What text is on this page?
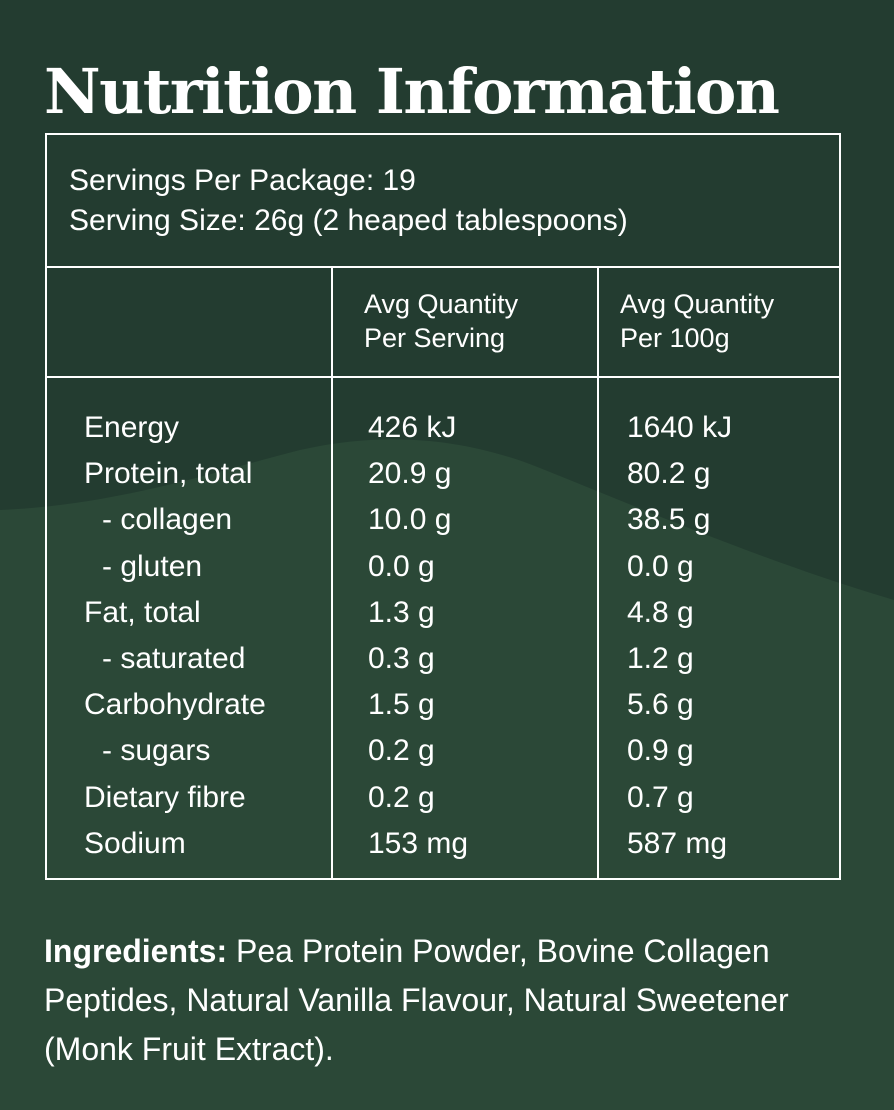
Nutrition Information
Servings Per Package: 19
Serving Size: 26g (2 heaped tablespoons)
Avg Quantity
Per Serving
Avg Quantity
Per 100g
Energy	426 kJ	1640 kJ
Protein, total	20.9 g	80.2 g
- collagen	10.0 g	38.5 g
- gluten	0.0 g	0.0 g
Fat, total	1.3 g	4.8 g
- saturated	0.3 g	1.2 g
Carbohydrate	1.5 g	5.6 g
- sugars	0.2 g	0.9 g
Dietary fibre	0.2 g	0.7 g
Sodium	153 mg	587 mg
Ingredients: Pea Protein Powder, Bovine Collagen Peptides, Natural Vanilla Flavour, Natural Sweetener (Monk Fruit Extract).
